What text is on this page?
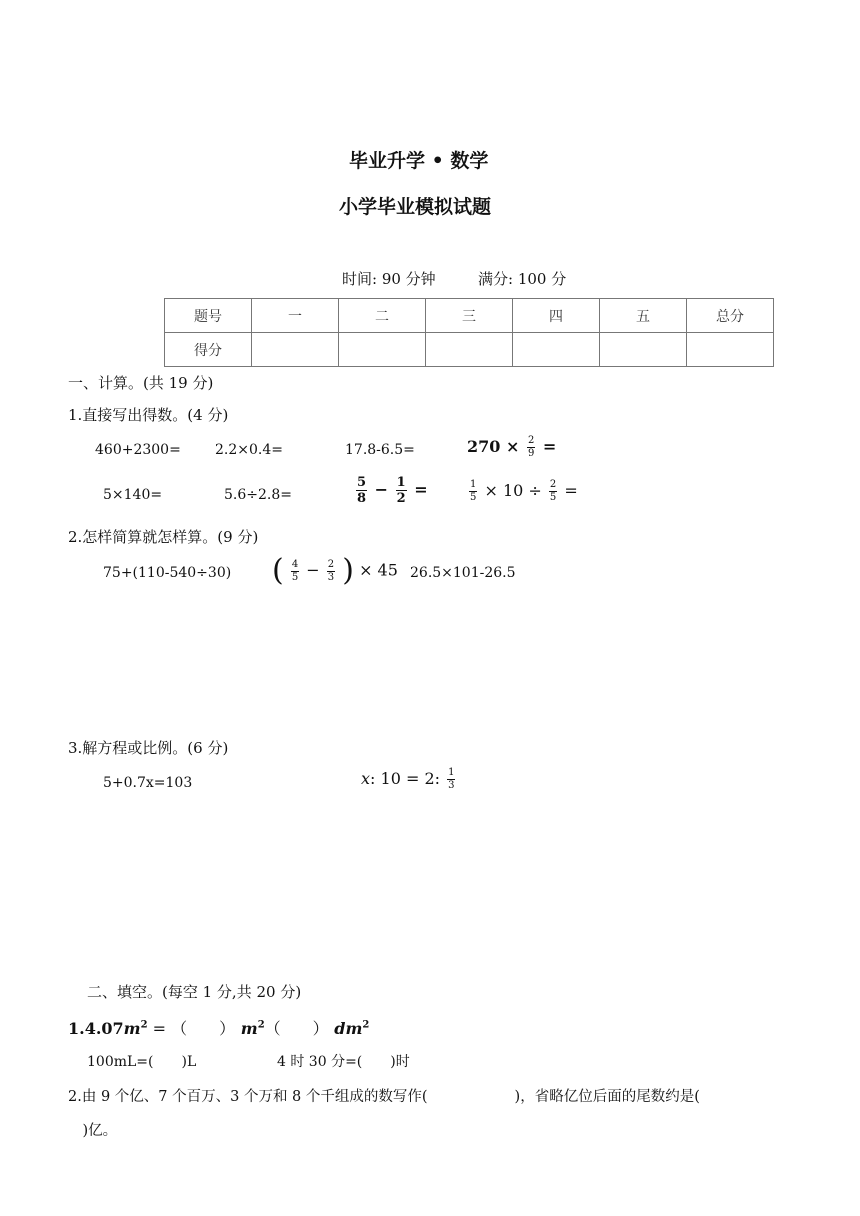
毕业升学 • 数学
小学毕业模拟试题
时间: 90 分钟	满分: 100 分
题号	一	二	三	四	五	总分
得分						
一、计算。(共 19 分)
1.直接写出得数。(4 分)
460+2300= 2.2×0.4=	17.8-6.5=	$270 \times \frac{2}{9}$ =
5×140=	5.6÷2.8=	$\frac{5}{8} - \frac{1}{2}$ =	$\frac{1}{5} \times 10 \div \frac{2}{5}$ =
2.怎样简算就怎样算。(9 分)
75+(110-540÷30) ( $\frac{4}{5} - \frac{2}{3}$ ) × 45 26.5×101-26.5
3.解方程或比例。(6 分)
5+0.7x=103	x: 10 = 2: $\frac{1}{3}$
二、填空。(每空 1 分,共 20 分)
$1.4.07m^2$ = （　　） $m^2$（　　） $dm^2$
100mL=(　　)L	4 时 30 分=(　　)时
2.由 9 个亿、7 个百万、3 个万和 8 个千组成的数写作(　　　　　　)，省略亿位后面的尾数约是(
　)亿。
